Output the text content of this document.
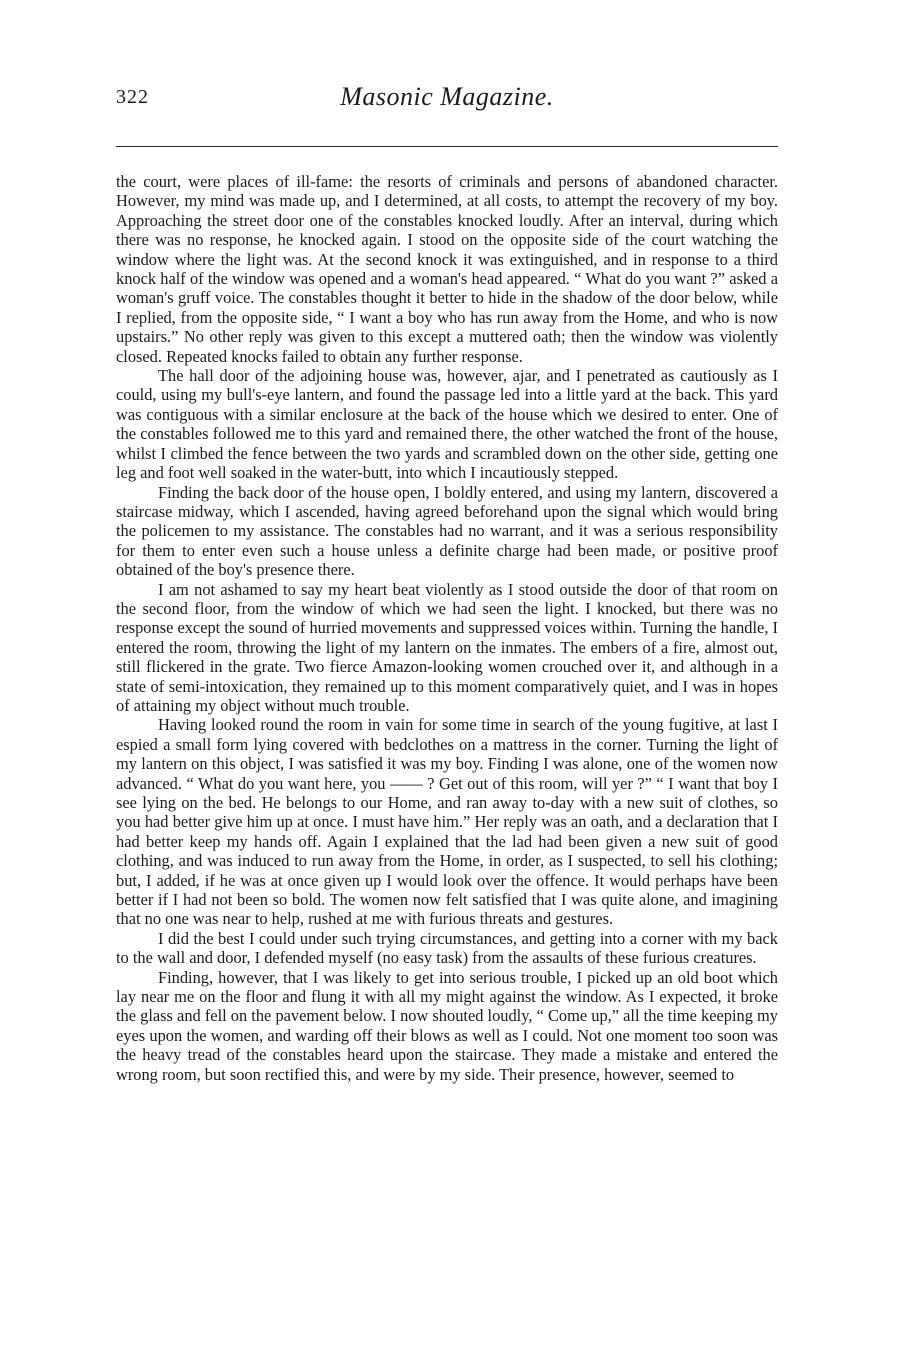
322	Masonic Magazine.

the court, were places of ill-fame: the resorts of criminals and persons of abandoned character. However, my mind was made up, and I determined, at all costs, to attempt the recovery of my boy. Approaching the street door one of the constables knocked loudly. After an interval, during which there was no response, he knocked again. I stood on the opposite side of the court watching the window where the light was. At the second knock it was extinguished, and in response to a third knock half of the window was opened and a woman's head appeared. “ What do you want ?” asked a woman's gruff voice. The constables thought it better to hide in the shadow of the door below, while I replied, from the opposite side, “ I want a boy who has run away from the Home, and who is now upstairs.” No other reply was given to this except a muttered oath; then the window was violently closed. Repeated knocks failed to obtain any further response.

The hall door of the adjoining house was, however, ajar, and I penetrated as cautiously as I could, using my bull's-eye lantern, and found the passage led into a little yard at the back. This yard was contiguous with a similar enclosure at the back of the house which we desired to enter. One of the constables followed me to this yard and remained there, the other watched the front of the house, whilst I climbed the fence between the two yards and scrambled down on the other side, getting one leg and foot well soaked in the water-butt, into which I incautiously stepped.

Finding the back door of the house open, I boldly entered, and using my lantern, discovered a staircase midway, which I ascended, having agreed beforehand upon the signal which would bring the policemen to my assistance. The constables had no warrant, and it was a serious responsibility for them to enter even such a house unless a definite charge had been made, or positive proof obtained of the boy's presence there.

I am not ashamed to say my heart beat violently as I stood outside the door of that room on the second floor, from the window of which we had seen the light. I knocked, but there was no response except the sound of hurried movements and suppressed voices within. Turning the handle, I entered the room, throwing the light of my lantern on the inmates. The embers of a fire, almost out, still flickered in the grate. Two fierce Amazon-looking women crouched over it, and although in a state of semi-intoxication, they remained up to this moment comparatively quiet, and I was in hopes of attaining my object without much trouble.

Having looked round the room in vain for some time in search of the young fugitive, at last I espied a small form lying covered with bedclothes on a mattress in the corner. Turning the light of my lantern on this object, I was satisfied it was my boy. Finding I was alone, one of the women now advanced. “ What do you want here, you —— ? Get out of this room, will yer ?” “ I want that boy I see lying on the bed. He belongs to our Home, and ran away to-day with a new suit of clothes, so you had better give him up at once. I must have him.” Her reply was an oath, and a declaration that I had better keep my hands off. Again I explained that the lad had been given a new suit of good clothing, and was induced to run away from the Home, in order, as I suspected, to sell his clothing; but, I added, if he was at once given up I would look over the offence. It would perhaps have been better if I had not been so bold. The women now felt satisfied that I was quite alone, and imagining that no one was near to help, rushed at me with furious threats and gestures.

I did the best I could under such trying circumstances, and getting into a corner with my back to the wall and door, I defended myself (no easy task) from the assaults of these furious creatures.

Finding, however, that I was likely to get into serious trouble, I picked up an old boot which lay near me on the floor and flung it with all my might against the window. As I expected, it broke the glass and fell on the pavement below. I now shouted loudly, “ Come up,” all the time keeping my eyes upon the women, and warding off their blows as well as I could. Not one moment too soon was the heavy tread of the constables heard upon the staircase. They made a mistake and entered the wrong room, but soon rectified this, and were by my side. Their presence, however, seemed to
